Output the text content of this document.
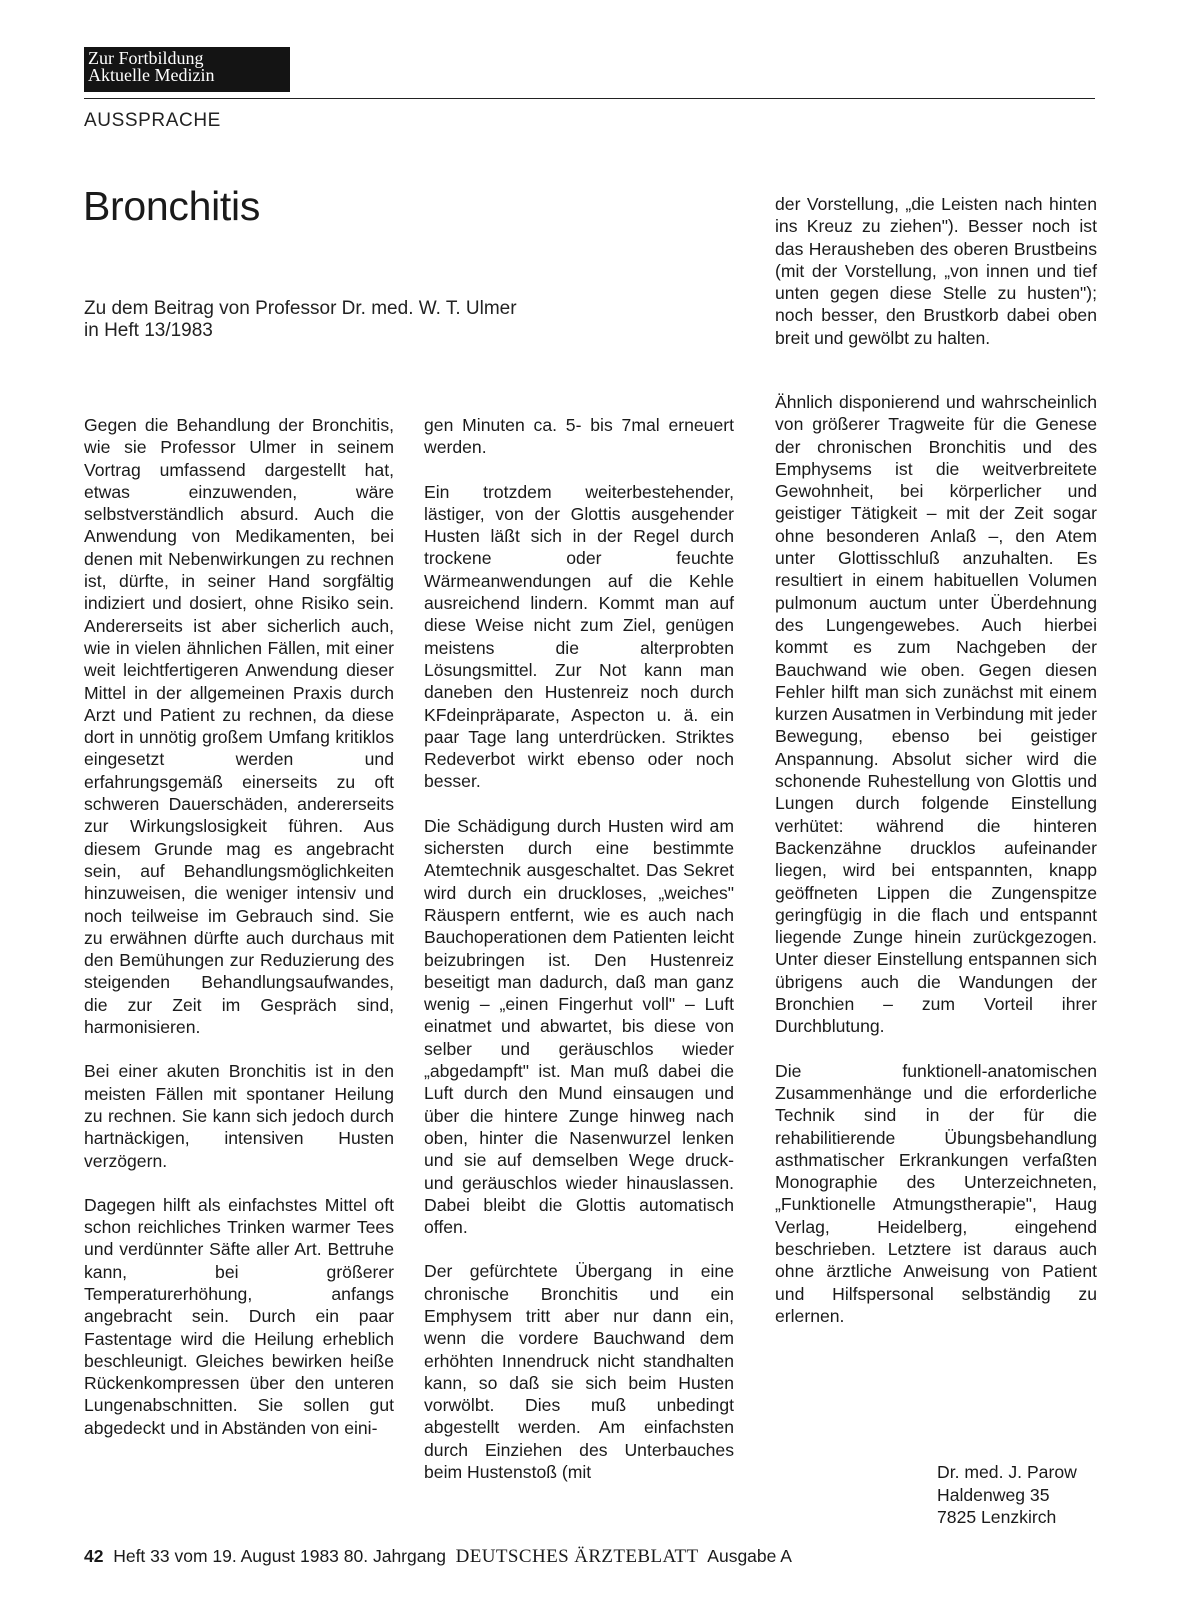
Zur Fortbildung
Aktuelle Medizin
AUSSPRACHE
Bronchitis
Zu dem Beitrag von Professor Dr. med. W. T. Ulmer
in Heft 13/1983

Gegen die Behandlung der Bronchitis, wie sie Professor Ulmer in seinem Vortrag umfassend dargestellt hat, etwas einzuwenden, wäre selbstverständlich absurd. Auch die Anwendung von Medikamenten, bei denen mit Nebenwirkungen zu rechnen ist, dürfte, in seiner Hand sorgfältig indiziert und dosiert, ohne Risiko sein. Andererseits ist aber sicherlich auch, wie in vielen ähnlichen Fällen, mit einer weit leichtfertigeren Anwendung dieser Mittel in der allgemeinen Praxis durch Arzt und Patient zu rechnen, da diese dort in unnötig großem Umfang kritiklos eingesetzt werden und erfahrungsgemäß einerseits zu oft schweren Dauerschäden, andererseits zur Wirkungslosigkeit führen. Aus diesem Grunde mag es angebracht sein, auf Behandlungsmöglichkeiten hinzuweisen, die weniger intensiv und noch teilweise im Gebrauch sind. Sie zu erwähnen dürfte auch durchaus mit den Bemühungen zur Reduzierung des steigenden Behandlungsaufwandes, die zur Zeit im Gespräch sind, harmonisieren.

Bei einer akuten Bronchitis ist in den meisten Fällen mit spontaner Heilung zu rechnen. Sie kann sich jedoch durch hartnäckigen, intensiven Husten verzögern.

Dagegen hilft als einfachstes Mittel oft schon reichliches Trinken warmer Tees und verdünnter Säfte aller Art. Bettruhe kann, bei größerer Temperaturerhöhung, anfangs angebracht sein. Durch ein paar Fastentage wird die Heilung erheblich beschleunigt. Gleiches bewirken heiße Rückenkompressen über den unteren Lungenabschnitten. Sie sollen gut abgedeckt und in Abständen von eini-

gen Minuten ca. 5- bis 7mal erneuert werden.

Ein trotzdem weiterbestehender, lästiger, von der Glottis ausgehender Husten läßt sich in der Regel durch trockene oder feuchte Wärmeanwendungen auf die Kehle ausreichend lindern. Kommt man auf diese Weise nicht zum Ziel, genügen meistens die alterprobten Lösungsmittel. Zur Not kann man daneben den Hustenreiz noch durch KFdeinpräparate, Aspecton u. ä. ein paar Tage lang unterdrücken. Striktes Redeverbot wirkt ebenso oder noch besser.

Die Schädigung durch Husten wird am sichersten durch eine bestimmte Atemtechnik ausgeschaltet. Das Sekret wird durch ein druckloses, „weiches" Räuspern entfernt, wie es auch nach Bauchoperationen dem Patienten leicht beizubringen ist. Den Hustenreiz beseitigt man dadurch, daß man ganz wenig – „einen Fingerhut voll" – Luft einatmet und abwartet, bis diese von selber und geräuschlos wieder „abgedampft" ist. Man muß dabei die Luft durch den Mund einsaugen und über die hintere Zunge hinweg nach oben, hinter die Nasenwurzel lenken und sie auf demselben Wege druck- und geräuschlos wieder hinauslassen. Dabei bleibt die Glottis automatisch offen.

Der gefürchtete Übergang in eine chronische Bronchitis und ein Emphysem tritt aber nur dann ein, wenn die vordere Bauchwand dem erhöhten Innendruck nicht standhalten kann, so daß sie sich beim Husten vorwölbt. Dies muß unbedingt abgestellt werden. Am einfachsten durch Einziehen des Unterbauches beim Hustenstoß (mit

der Vorstellung, „die Leisten nach hinten ins Kreuz zu ziehen"). Besser noch ist das Herausheben des oberen Brustbeins (mit der Vorstellung, „von innen und tief unten gegen diese Stelle zu husten"); noch besser, den Brustkorb dabei oben breit und gewölbt zu halten.

Ähnlich disponierend und wahrscheinlich von größerer Tragweite für die Genese der chronischen Bronchitis und des Emphysems ist die weitverbreitete Gewohnheit, bei körperlicher und geistiger Tätigkeit – mit der Zeit sogar ohne besonderen Anlaß –, den Atem unter Glottisschluß anzuhalten. Es resultiert in einem habituellen Volumen pulmonum auctum unter Überdehnung des Lungengewebes. Auch hierbei kommt es zum Nachgeben der Bauchwand wie oben. Gegen diesen Fehler hilft man sich zunächst mit einem kurzen Ausatmen in Verbindung mit jeder Bewegung, ebenso bei geistiger Anspannung. Absolut sicher wird die schonende Ruhestellung von Glottis und Lungen durch folgende Einstellung verhütet: während die hinteren Backenzähne drucklos aufeinander liegen, wird bei entspannten, knapp geöffneten Lippen die Zungenspitze geringfügig in die flach und entspannt liegende Zunge hinein zurückgezogen. Unter dieser Einstellung entspannen sich übrigens auch die Wandungen der Bronchien – zum Vorteil ihrer Durchblutung.

Die funktionell-anatomischen Zusammenhänge und die erforderliche Technik sind in der für die rehabilitierende Übungsbehandlung asthmatischer Erkrankungen verfaßten Monographie des Unterzeichneten, „Funktionelle Atmungstherapie", Haug Verlag, Heidelberg, eingehend beschrieben. Letztere ist daraus auch ohne ärztliche Anweisung von Patient und Hilfspersonal selbständig zu erlernen.

Dr. med. J. Parow
Haldenweg 35
7825 Lenzkirch
42 Heft 33 vom 19. August 1983 80. Jahrgang DEUTSCHES ÄRZTEBLATT Ausgabe A
